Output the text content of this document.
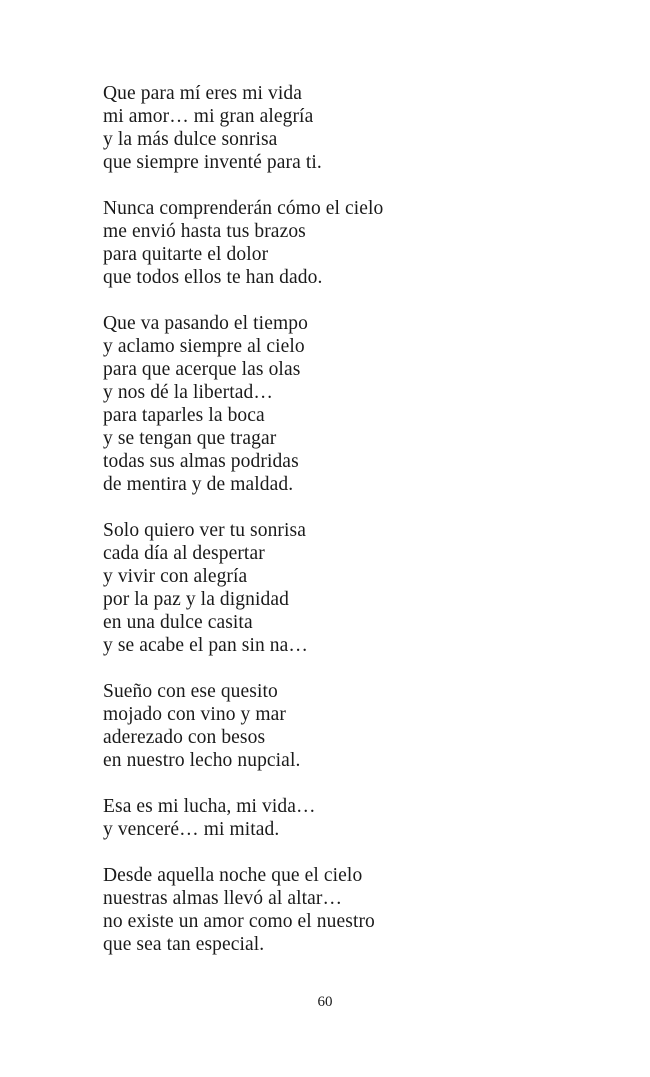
Que para mí eres mi vida
mi amor… mi gran alegría
y la más dulce sonrisa
que siempre inventé para ti.
Nunca comprenderán cómo el cielo
me envió hasta tus brazos
para quitarte el dolor
que todos ellos te han dado.
Que va pasando el tiempo
y aclamo siempre al cielo
para que acerque las olas
y nos dé la libertad…
para taparles la boca
y se tengan que tragar
todas sus almas podridas
de mentira y de maldad.
Solo quiero ver tu sonrisa
cada día al despertar
y vivir con alegría
por la paz y la dignidad
en una dulce casita
y se acabe el pan sin na…
Sueño con ese quesito
mojado con vino y mar
aderezado con besos
en nuestro lecho nupcial.
Esa es mi lucha, mi vida…
y venceré… mi mitad.
Desde aquella noche que el cielo
nuestras almas llevó al altar…
no existe un amor como el nuestro
que sea tan especial.
60
